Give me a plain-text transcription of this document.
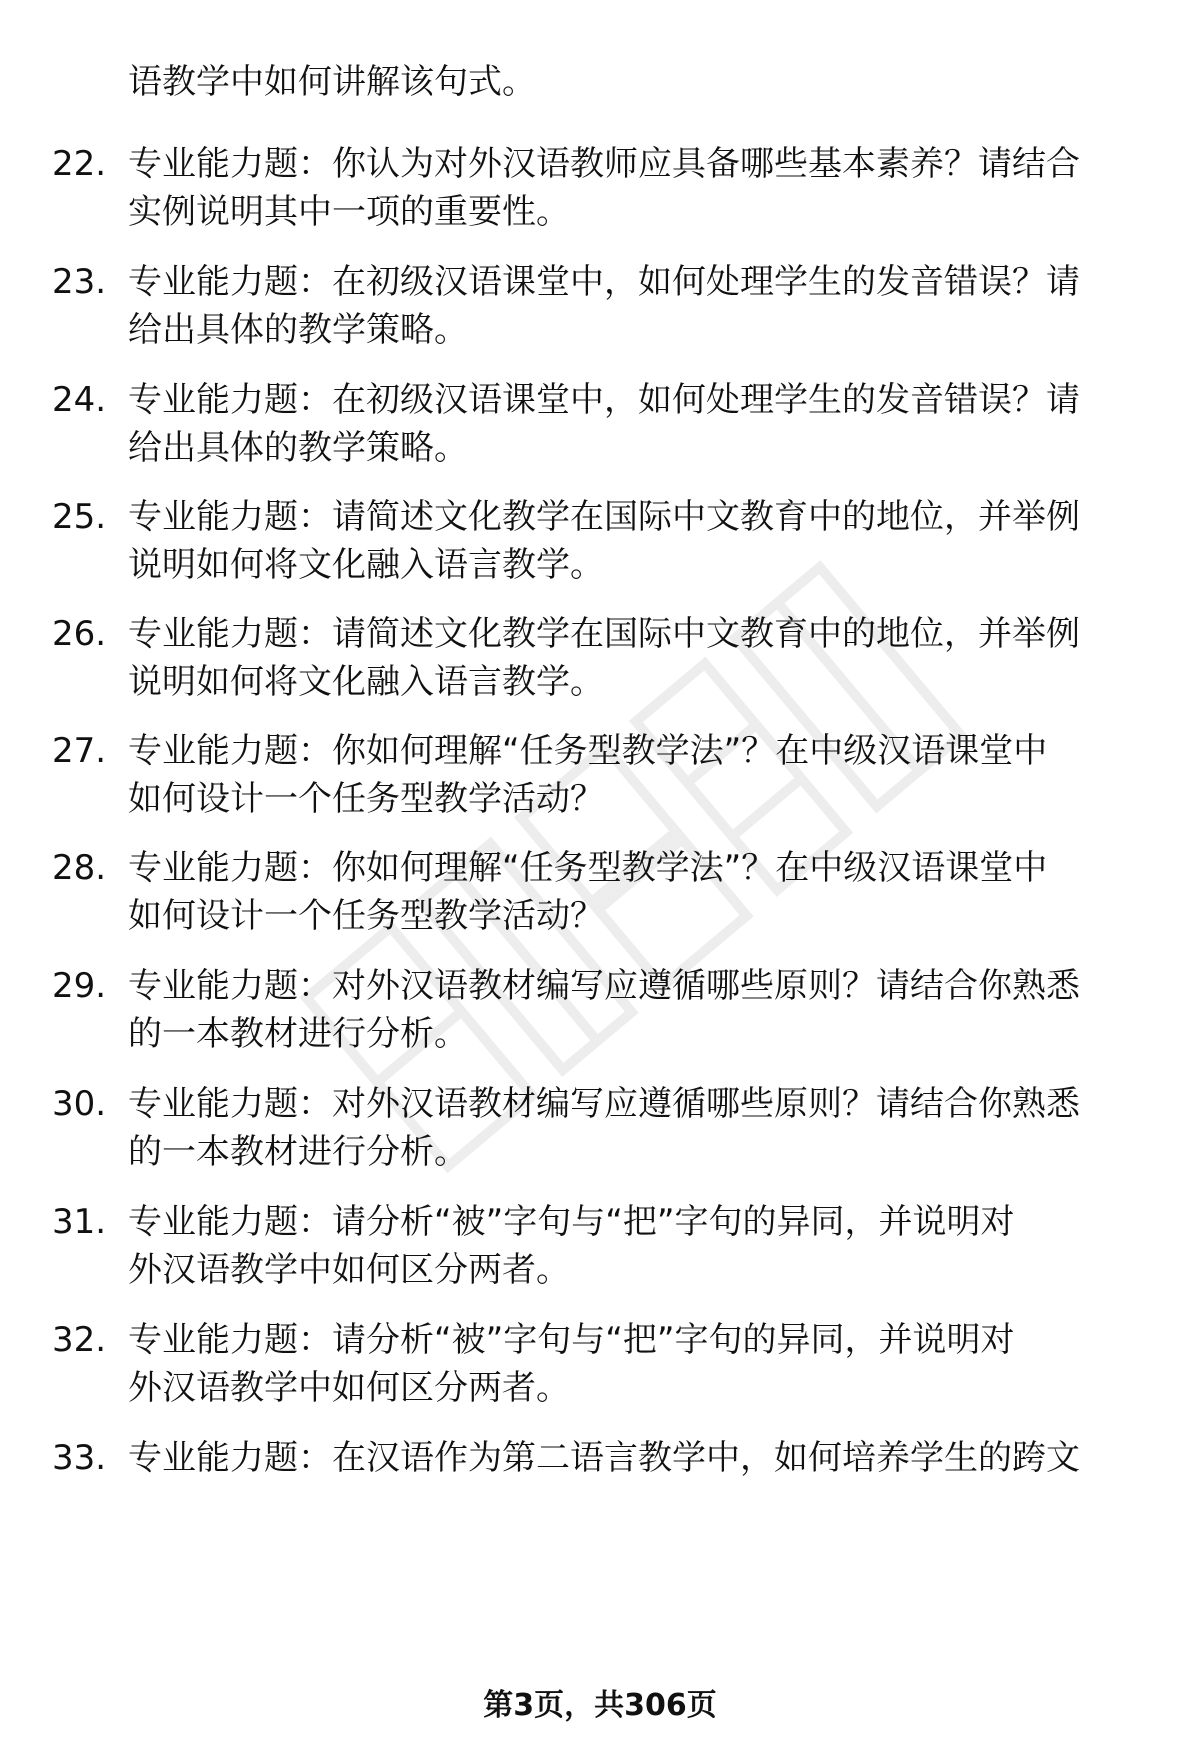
语教学中如何讲解该句式。
22. 专业能力题：你认为对外汉语教师应具备哪些基本素养？请结合
实例说明其中一项的重要性。
23. 专业能力题：在初级汉语课堂中，如何处理学生的发音错误？请
给出具体的教学策略。
24. 专业能力题：在初级汉语课堂中，如何处理学生的发音错误？请
给出具体的教学策略。
25. 专业能力题：请简述文化教学在国际中文教育中的地位，并举例
说明如何将文化融入语言教学。
26. 专业能力题：请简述文化教学在国际中文教育中的地位，并举例
说明如何将文化融入语言教学。
27. 专业能力题：你如何理解“任务型教学法”？在中级汉语课堂中
如何设计一个任务型教学活动？
28. 专业能力题：你如何理解“任务型教学法”？在中级汉语课堂中
如何设计一个任务型教学活动？
29. 专业能力题：对外汉语教材编写应遵循哪些原则？请结合你熟悉
的一本教材进行分析。
30. 专业能力题：对外汉语教材编写应遵循哪些原则？请结合你熟悉
的一本教材进行分析。
31. 专业能力题：请分析“被”字句与“把”字句的异同，并说明对
外汉语教学中如何区分两者。
32. 专业能力题：请分析“被”字句与“把”字句的异同，并说明对
外汉语教学中如何区分两者。
33. 专业能力题：在汉语作为第二语言教学中，如何培养学生的跨文
第3页，共306页
